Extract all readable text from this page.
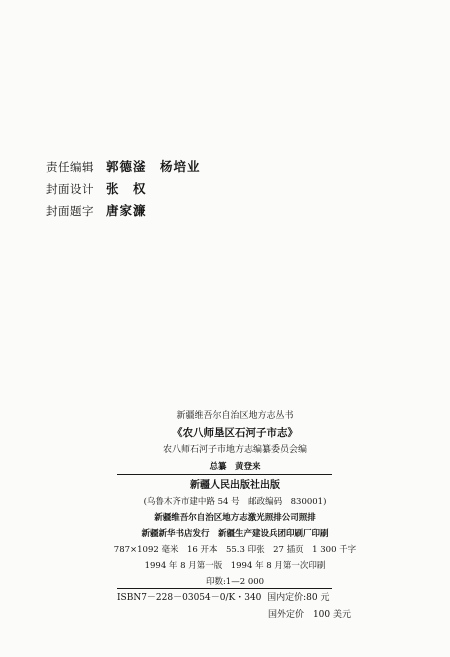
责任编辑 郭德滏　杨培业
封面设计 张　权
封面题字 唐家濂
新疆维吾尔自治区地方志丛书
《农八师垦区石河子市志》
农八师石河子市地方志编纂委员会编
总纂　黄登来
新疆人民出版社出版
(乌鲁木齐市建中路 54 号　邮政编码　830001)
新疆维吾尔自治区地方志激光照排公司照排
新疆新华书店发行　新疆生产建设兵团印刷厂印刷
787×1092 毫米　16 开本　55.3 印张　27 插页　1 300 千字
1994 年 8 月第一版　1994 年 8 月第一次印刷
印数:1—2 000
ISBN7－228－03054－0/K・340 国内定价:80 元
国外定价　100 美元
